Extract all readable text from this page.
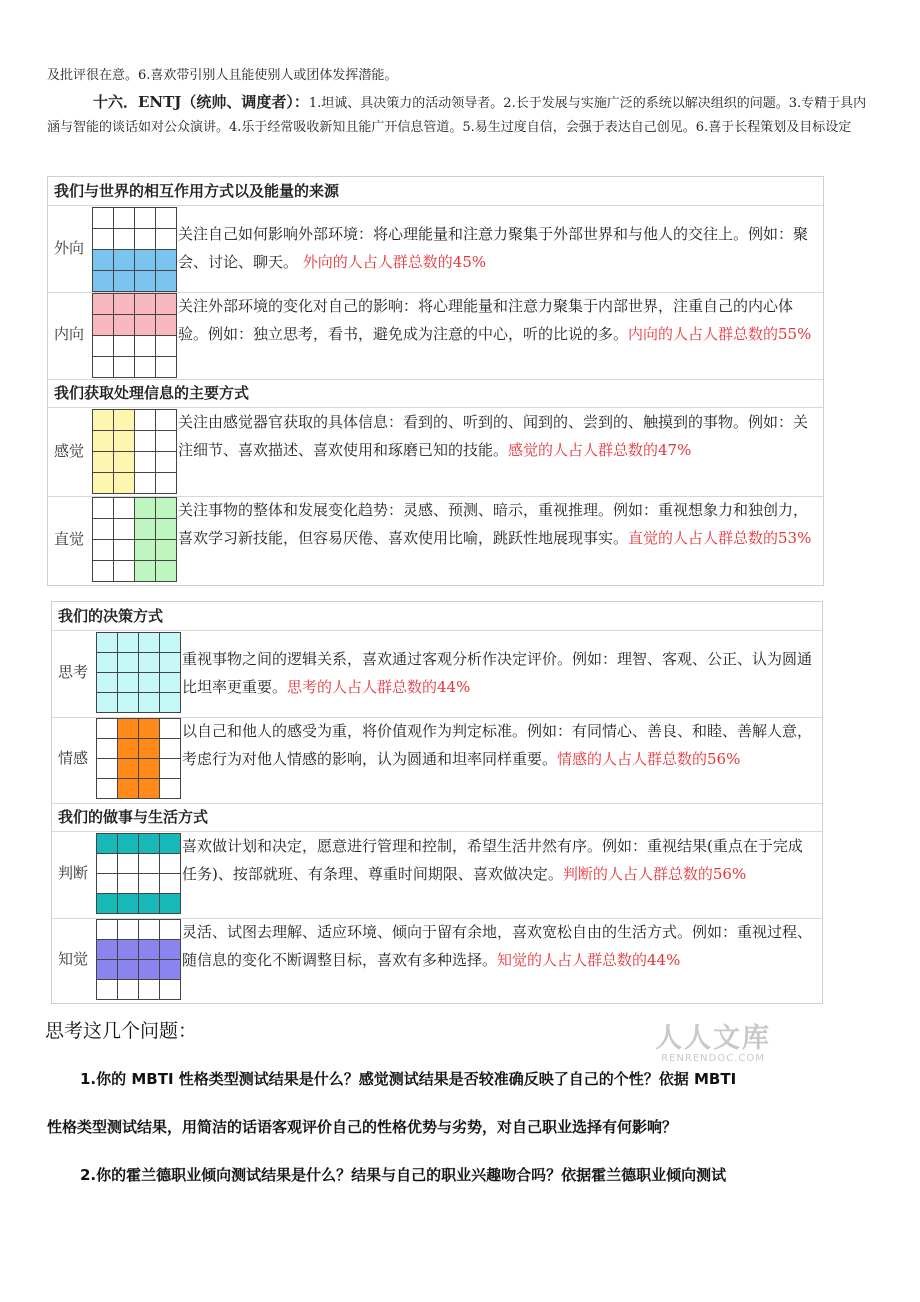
及批评很在意。6.喜欢带引别人且能使别人或团体发挥潜能。
十六．ENTJ（统帅、调度者）：1.坦诚、具决策力的活动领导者。2.长于发展与实施广泛的系统以解决组织的问题。3.专精于具内涵与智能的谈话如对公众演讲。4.乐于经常吸收新知且能广开信息管道。5.易生过度自信，会强于表达自己创见。6.喜于长程策划及目标设定
我们与世界的相互作用方式以及能量的来源
外向
关注自己如何影响外部环境：将心理能量和注意力聚集于外部世界和与他人的交往上。例如：聚会、讨论、聊天。 外向的人占人群总数的45%
内向
关注外部环境的变化对自己的影响：将心理能量和注意力聚集于内部世界，注重自己的内心体验。例如：独立思考，看书，避免成为注意的中心，听的比说的多。内向的人占人群总数的55%
我们获取处理信息的主要方式
感觉
关注由感觉器官获取的具体信息：看到的、听到的、闻到的、尝到的、触摸到的事物。例如：关注细节、喜欢描述、喜欢使用和琢磨已知的技能。感觉的人占人群总数的47%
直觉
关注事物的整体和发展变化趋势：灵感、预测、暗示，重视推理。例如：重视想象力和独创力，喜欢学习新技能，但容易厌倦、喜欢使用比喻，跳跃性地展现事实。直觉的人占人群总数的53%
我们的决策方式
思考
重视事物之间的逻辑关系，喜欢通过客观分析作决定评价。例如：理智、客观、公正、认为圆通比坦率更重要。思考的人占人群总数的44%
情感
以自己和他人的感受为重，将价值观作为判定标准。例如：有同情心、善良、和睦、善解人意，考虑行为对他人情感的影响，认为圆通和坦率同样重要。情感的人占人群总数的56%
我们的做事与生活方式
判断
喜欢做计划和决定，愿意进行管理和控制，希望生活井然有序。例如：重视结果(重点在于完成任务)、按部就班、有条理、尊重时间期限、喜欢做决定。判断的人占人群总数的56%
知觉
灵活、试图去理解、适应环境、倾向于留有余地，喜欢宽松自由的生活方式。例如：重视过程、随信息的变化不断调整目标，喜欢有多种选择。知觉的人占人群总数的44%
思考这几个问题：
1.你的 MBTI 性格类型测试结果是什么？感觉测试结果是否较准确反映了自己的个性？依据 MBTI
性格类型测试结果，用简洁的话语客观评价自己的性格优势与劣势，对自己职业选择有何影响？
2.你的霍兰德职业倾向测试结果是什么？结果与自己的职业兴趣吻合吗？依据霍兰德职业倾向测试
人人文库
RENRENDOC.COM
